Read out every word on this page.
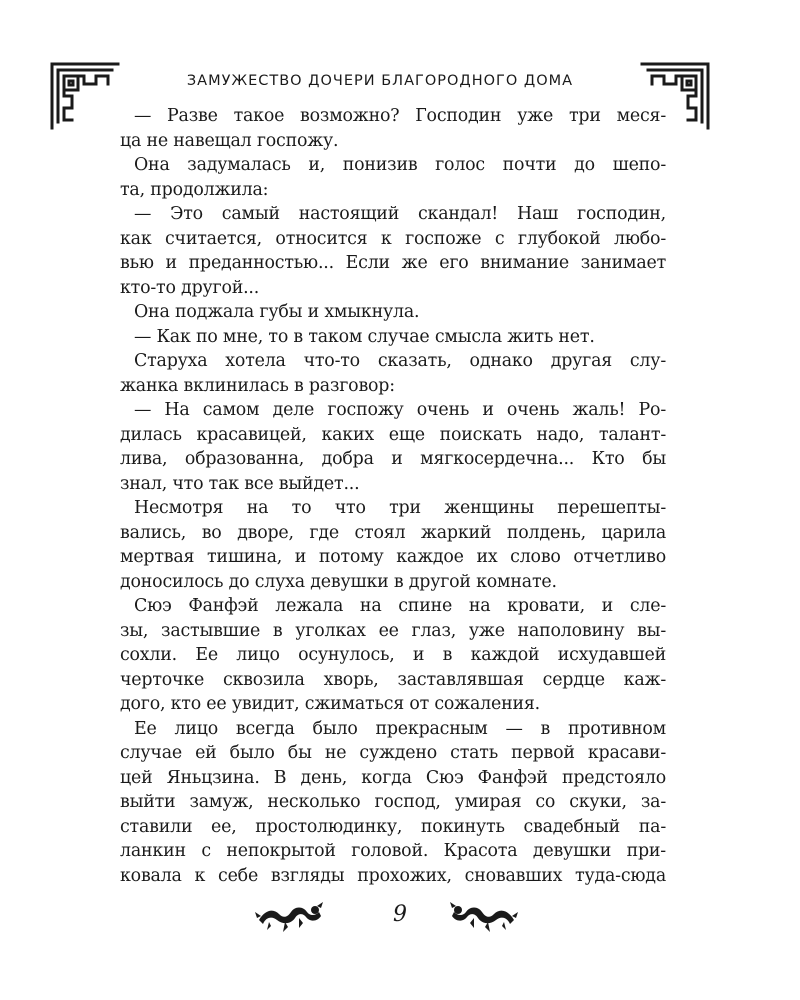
ЗАМУЖЕСТВО ДОЧЕРИ БЛАГОРОДНОГО ДОМА
— Разве такое возможно? Господин уже три меся-
ца не навещал госпожу.
Она задумалась и, понизив голос почти до шепо-
та, продолжила:
— Это самый настоящий скандал! Наш господин,
как считается, относится к госпоже с глубокой любо-
вью и преданностью... Если же его внимание занимает
кто-то другой...
Она поджала губы и хмыкнула.
— Как по мне, то в таком случае смысла жить нет.
Старуха хотела что-то сказать, однако другая слу-
жанка вклинилась в разговор:
— На самом деле госпожу очень и очень жаль! Ро-
дилась красавицей, каких еще поискать надо, талант-
лива, образованна, добра и мягкосердечна... Кто бы
знал, что так все выйдет...
Несмотря на то что три женщины перешепты-
вались, во дворе, где стоял жаркий полдень, царила
мертвая тишина, и потому каждое их слово отчетливо
доносилось до слуха девушки в другой комнате.
Сюэ Фанфэй лежала на спине на кровати, и слe-
зы, застывшие в уголках ее глаз, уже наполовину вы-
сохли. Ее лицо осунулось, и в каждой исхудавшей
черточке сквозила хворь, заставлявшая сердце каж-
дого, кто ее увидит, сжиматься от сожаления.
Ее лицо всегда было прекрасным — в противном
случае ей было бы не суждено стать первой красави-
цей Яньцзина. В день, когда Сюэ Фанфэй предстояло
выйти замуж, несколько господ, умирая со скуки, за-
ставили ее, простолюдинку, покинуть свадебный па-
ланкин с непокрытой головой. Красота девушки при-
ковала к себе взгляды прохожих, сновавших туда-сюда
9
